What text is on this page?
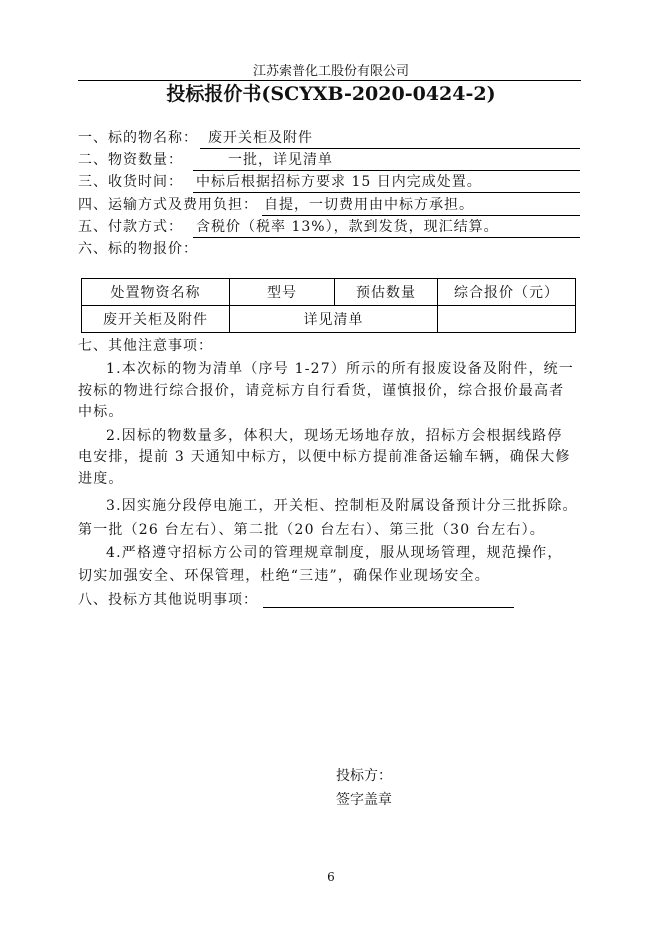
江苏索普化工股份有限公司
投标报价书(SCYXB-2020-0424-2)
一、标的物名称： 废开关柜及附件
二、物资数量：	一批，详见清单
三、收货时间： 中标后根据招标方要求 15 日内完成处置。
四、运输方式及费用负担： 自提，一切费用由中标方承担。
五、付款方式： 含税价（税率 13%），款到发货，现汇结算。
六、标的物报价：
处置物资名称	型号	预估数量	综合报价（元）
废开关柜及附件	详见清单		
七、其他注意事项：
1.本次标的物为清单（序号 1-27）所示的所有报废设备及附件，统一
按标的物进行综合报价，请竞标方自行看货，谨慎报价，综合报价最高者
中标。
2.因标的物数量多，体积大，现场无场地存放，招标方会根据线路停
电安排，提前 3 天通知中标方，以便中标方提前准备运输车辆，确保大修
进度。
3.因实施分段停电施工，开关柜、控制柜及附属设备预计分三批拆除。
第一批（26 台左右）、第二批（20 台左右）、第三批（30 台左右）。
4.严格遵守招标方公司的管理规章制度，服从现场管理，规范操作，
切实加强安全、环保管理，杜绝“三违”，确保作业现场安全。
八、投标方其他说明事项：
投标方：
签字盖章
6
